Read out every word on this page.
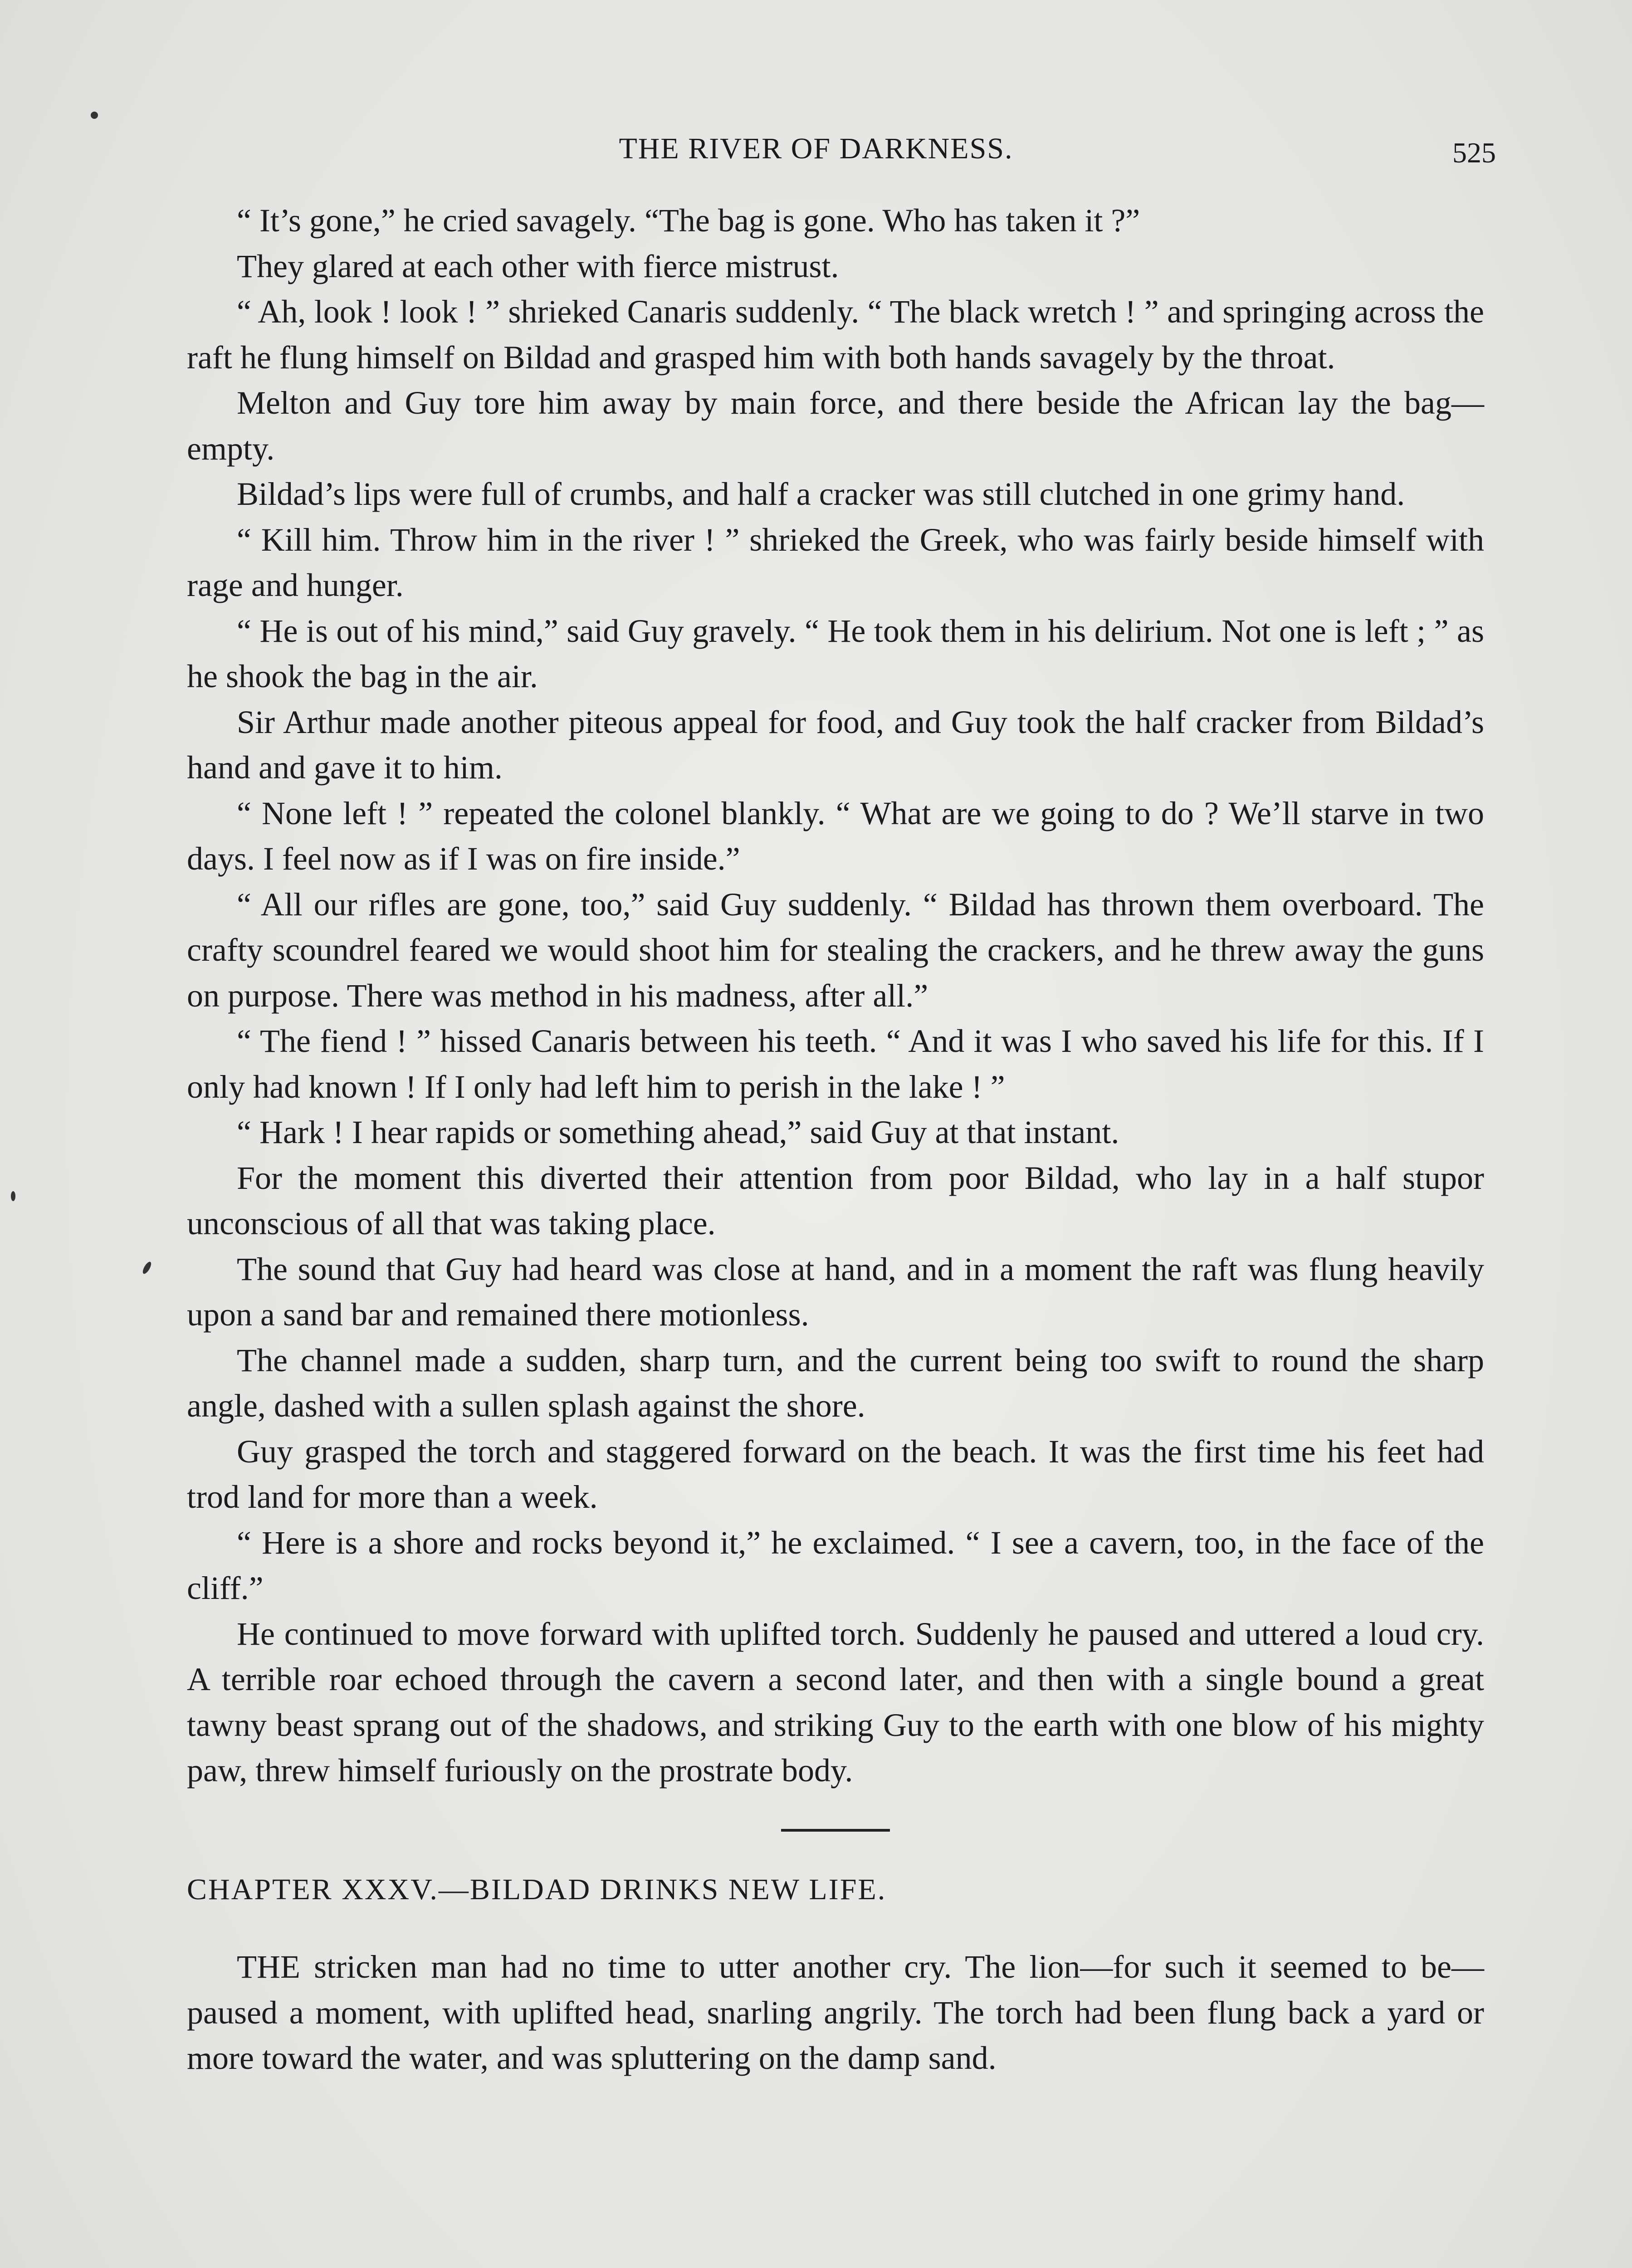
THE RIVER OF DARKNESS.	525

“ It’s gone,” he cried savagely. “The bag is gone. Who has taken it ?”

They glared at each other with fierce mistrust.

“ Ah, look ! look ! ” shrieked Canaris suddenly. “ The black wretch ! ” and springing across the raft he flung himself on Bildad and grasped him with both hands savagely by the throat.

Melton and Guy tore him away by main force, and there beside the African lay the bag—empty.

Bildad’s lips were full of crumbs, and half a cracker was still clutched in one grimy hand.

“ Kill him. Throw him in the river ! ” shrieked the Greek, who was fairly beside himself with rage and hunger.

“ He is out of his mind,” said Guy gravely. “ He took them in his delirium. Not one is left ; ” as he shook the bag in the air.

Sir Arthur made another piteous appeal for food, and Guy took the half cracker from Bildad’s hand and gave it to him.

“ None left ! ” repeated the colonel blankly. “ What are we going to do ? We’ll starve in two days. I feel now as if I was on fire inside.”

“ All our rifles are gone, too,” said Guy suddenly. “ Bildad has thrown them overboard. The crafty scoundrel feared we would shoot him for stealing the crackers, and he threw away the guns on purpose. There was method in his madness, after all.”

“ The fiend ! ” hissed Canaris between his teeth. “ And it was I who saved his life for this. If I only had known ! If I only had left him to perish in the lake ! ”

“ Hark ! I hear rapids or something ahead,” said Guy at that instant.

For the moment this diverted their attention from poor Bildad, who lay in a half stupor unconscious of all that was taking place.

The sound that Guy had heard was close at hand, and in a moment the raft was flung heavily upon a sand bar and remained there motionless.

The channel made a sudden, sharp turn, and the current being too swift to round the sharp angle, dashed with a sullen splash against the shore.

Guy grasped the torch and staggered forward on the beach. It was the first time his feet had trod land for more than a week.

“ Here is a shore and rocks beyond it,” he exclaimed. “ I see a cavern, too, in the face of the cliff.”

He continued to move forward with uplifted torch. Suddenly he paused and uttered a loud cry. A terrible roar echoed through the cavern a second later, and then with a single bound a great tawny beast sprang out of the shadows, and striking Guy to the earth with one blow of his mighty paw, threw himself furiously on the prostrate body.

CHAPTER XXXV.—BILDAD DRINKS NEW LIFE.

THE stricken man had no time to utter another cry. The lion—for such it seemed to be—paused a moment, with uplifted head, snarling angrily. The torch had been flung back a yard or more toward the water, and was spluttering on the damp sand.
